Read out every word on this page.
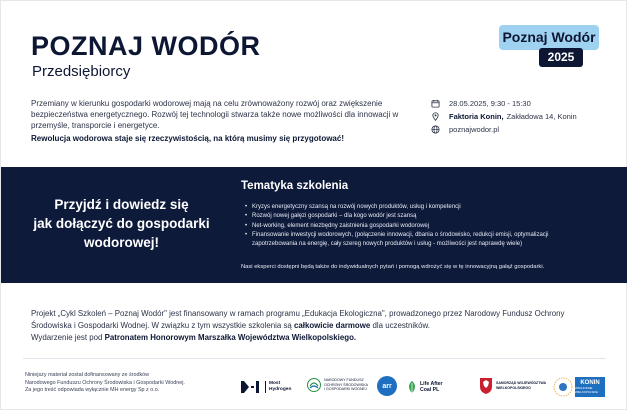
POZNAJ WODÓR
Przedsiębiorcy
Poznaj Wodór
2025
Przemiany w kierunku gospodarki wodorowej mają na celu zrównoważony rozwój oraz zwiększenie bezpieczeństwa energetycznego. Rozwój tej technologii stwarza także nowe możliwości dla innowacji w przemyśle, transporcie i energetyce.
Rewolucja wodorowa staje się rzeczywistością, na którą musimy się przygotować!
28.05.2025, 9:30 - 15:30
Faktoria Konin, Zakładowa 14, Konin
poznajwodor.pl
Przyjdź i dowiedz się
jak dołączyć do gospodarki
wodorowej!
Tematyka szkolenia
• Kryzys energetyczny szansą na rozwój nowych produktów, usług i kompetencji
• Rozwój nowej gałęzi gospodarki – dla kogo wodór jest szansą
• Net-working, element niezbędny zaistnienia gospodarki wodorowej
• Finansowanie inwestycji wodorowych, (połączenie innowacji, dbania o środowisko, redukcji emisji, optymalizacji
zapotrzebowania na energię, cały szereg nowych produktów i usług - możliwości jest naprawdę wiele)
Nasi eksperci dostępni będą także do indywidualnych pytań i pomogą wdrożyć się w tę innowacyjną gałąź gospodarki.
Projekt „Cykl Szkoleń – Poznaj Wodór" jest finansowany w ramach programu „Edukacja Ekologiczna", prowadzonego przez Narodowy Fundusz Ochrony Środowiska i Gospodarki Wodnej. W związku z tym wszystkie szkolenia są całkowicie darmowe dla uczestników.
Wydarzenie jest pod Patronatem Honorowym Marszałka Województwa Wielkopolskiego.
Niniejszy materiał został dofinansowany ze środków
Narodowego Funduszu Ochrony Środowiska i Gospodarki Wodnej.
Za jego treść odpowiada wyłącznie MH energy Sp z o.o.
Most
Hydrogen
NARODOWY FUNDUSZ
OCHRONY ŚRODOWISKA
I GOSPODARKI WODNEJ	arr	Life After
Coal PL
SAMORZĄD WOJEWÓDZTWA
WIELKOPOLSKIEGO
KONIN
WSCHODNIE WIELKOPOLSKIE
